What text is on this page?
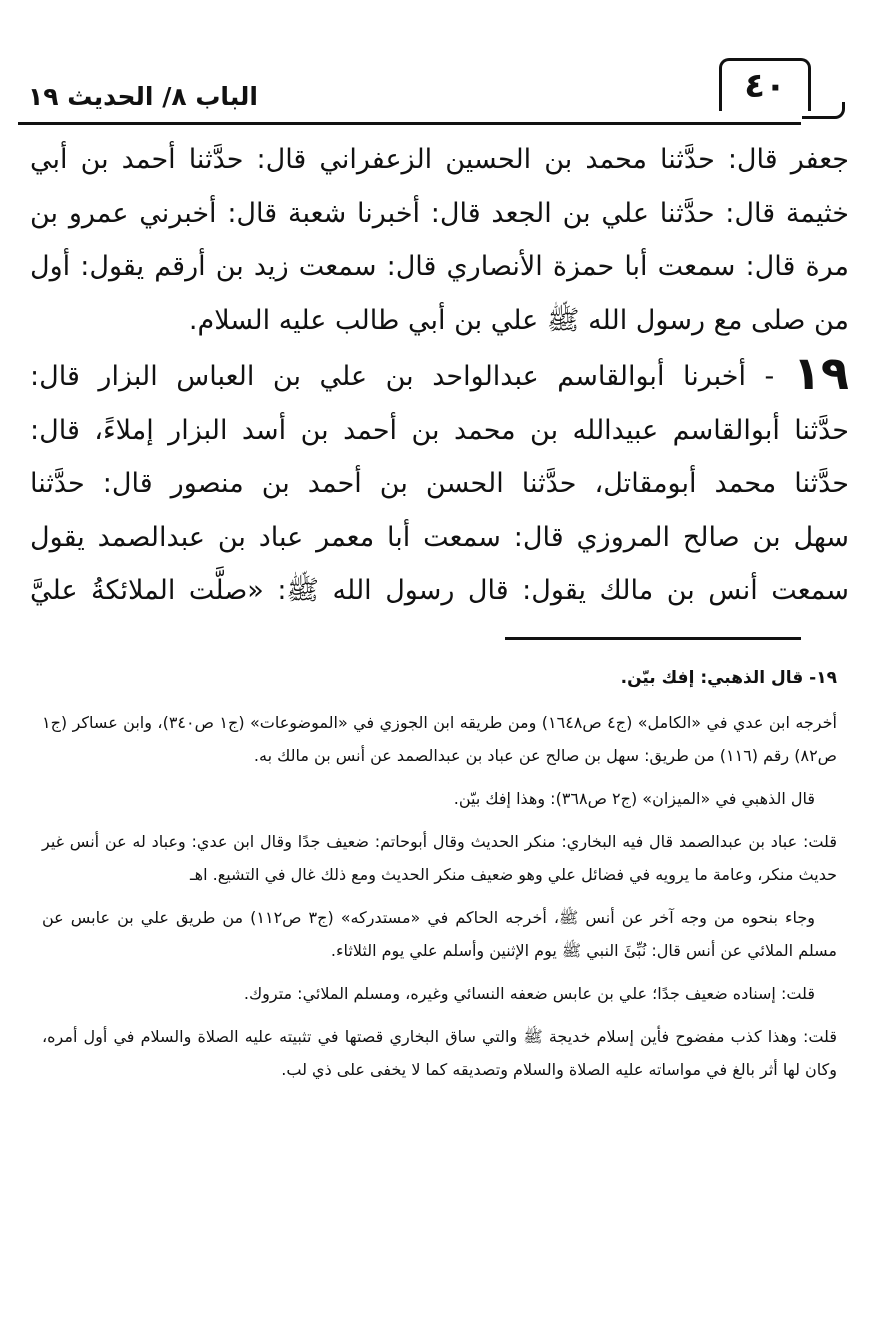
الباب ٨/ الحديث ١٩	٤٠
جعفر قال: حدَّثنا محمد بن الحسين الزعفراني قال: حدَّثنا أحمد بن أبي
خثيمة قال: حدَّثنا علي بن الجعد قال: أخبرنا شعبة قال: أخبرني عمرو بن
مرة قال: سمعت أبا حمزة الأنصاري قال: سمعت زيد بن أرقم يقول: أول
من صلى مع رسول الله ﷺ علي بن أبي طالب عليه السلام.
١٩ - أخبرنا أبوالقاسم عبدالواحد بن علي بن العباس البزار قال:
حدَّثنا أبوالقاسم عبيدالله بن محمد بن أحمد بن أسد البزار إملاءً، قال:
حدَّثنا محمد أبومقاتل، حدَّثنا الحسن بن أحمد بن منصور قال: حدَّثنا
سهل بن صالح المروزي قال: سمعت أبا معمر عباد بن عبدالصمد يقول
سمعت أنس بن مالك يقول: قال رسول الله ﷺ: «صلَّت الملائكةُ عليَّ
١٩- قال الذهبي: إفك بيّن.

أخرجه ابن عدي في «الكامل» (ج٤ ص١٦٤٨) ومن طريقه ابن الجوزي في «الموضوعات» (ج١ ص٣٤٠)، وابن عساكر (ج١ ص٨٢) رقم (١١٦) من طريق: سهل بن صالح عن عباد بن عبدالصمد عن أنس بن مالك به.

قال الذهبي في «الميزان» (ج٢ ص٣٦٨): وهذا إفك بيّن.

قلت: عباد بن عبدالصمد قال فيه البخاري: منكر الحديث وقال أبوحاتم: ضعيف جدًا وقال ابن عدي: وعباد له عن أنس غير حديث منكر، وعامة ما يرويه في فضائل علي وهو ضعيف منكر الحديث ومع ذلك غال في التشيع. اهـ

وجاء بنحوه من وجه آخر عن أنس ﷺ، أخرجه الحاكم في «مستدركه» (ج٣ ص١١٢) من طريق علي بن عابس عن مسلم الملائي عن أنس قال: نُبِّئَ النبي ﷺ يوم الإثنين وأسلم علي يوم الثلاثاء.

قلت: إسناده ضعيف جدًا؛ علي بن عابس ضعفه النسائي وغيره، ومسلم الملائي: متروك.

قلت: وهذا كذب مفضوح فأين إسلام خديجة ﷺ والتي ساق البخاري قصتها في تثبيته عليه الصلاة والسلام في أول أمره، وكان لها أثر بالغ في مواساته عليه الصلاة والسلام وتصديقه كما لا يخفى على ذي لب.
